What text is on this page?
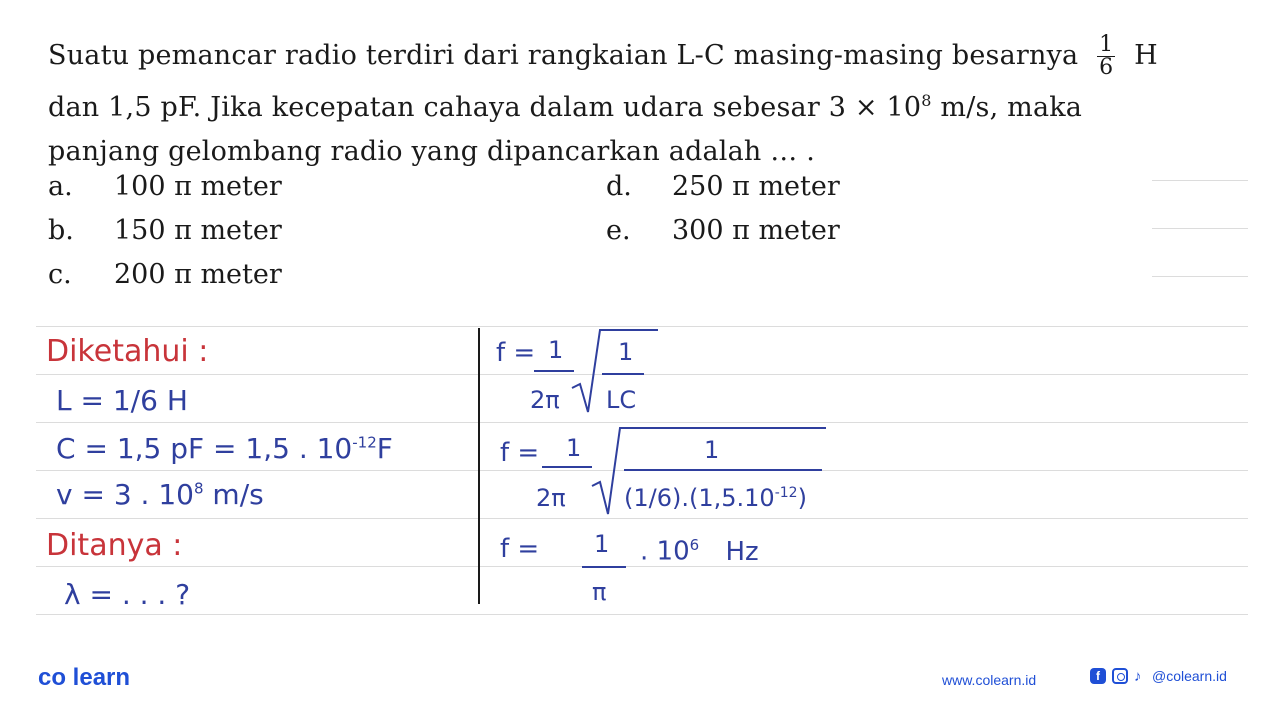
Suatu pemancar radio terdiri dari rangkaian L-C masing-masing besarnya $\frac{1}{6}$ H
dan 1,5 pF. Jika kecepatan cahaya dalam udara sebesar $3 \times 10^8$ m/s, maka
panjang gelombang radio yang dipancarkan adalah … .
a. 100 π meter
b. 150 π meter
c. 200 π meter
d. 250 π meter
e. 300 π meter
Diketahui :
L = 1/6 H
C = 1,5 pF = 1,5 . $10^{-12}F$
v = 3 . $10^8$ m/s
Ditanya :
λ = . . . ?
f = 1
2π
1
LC
f = 1
2π
1
$(1/6).(1,5.10^{-12})$
f = 1
π
. $10^6$ Hz
co learn	www.colearn.id	f	♪ @colearn.id
